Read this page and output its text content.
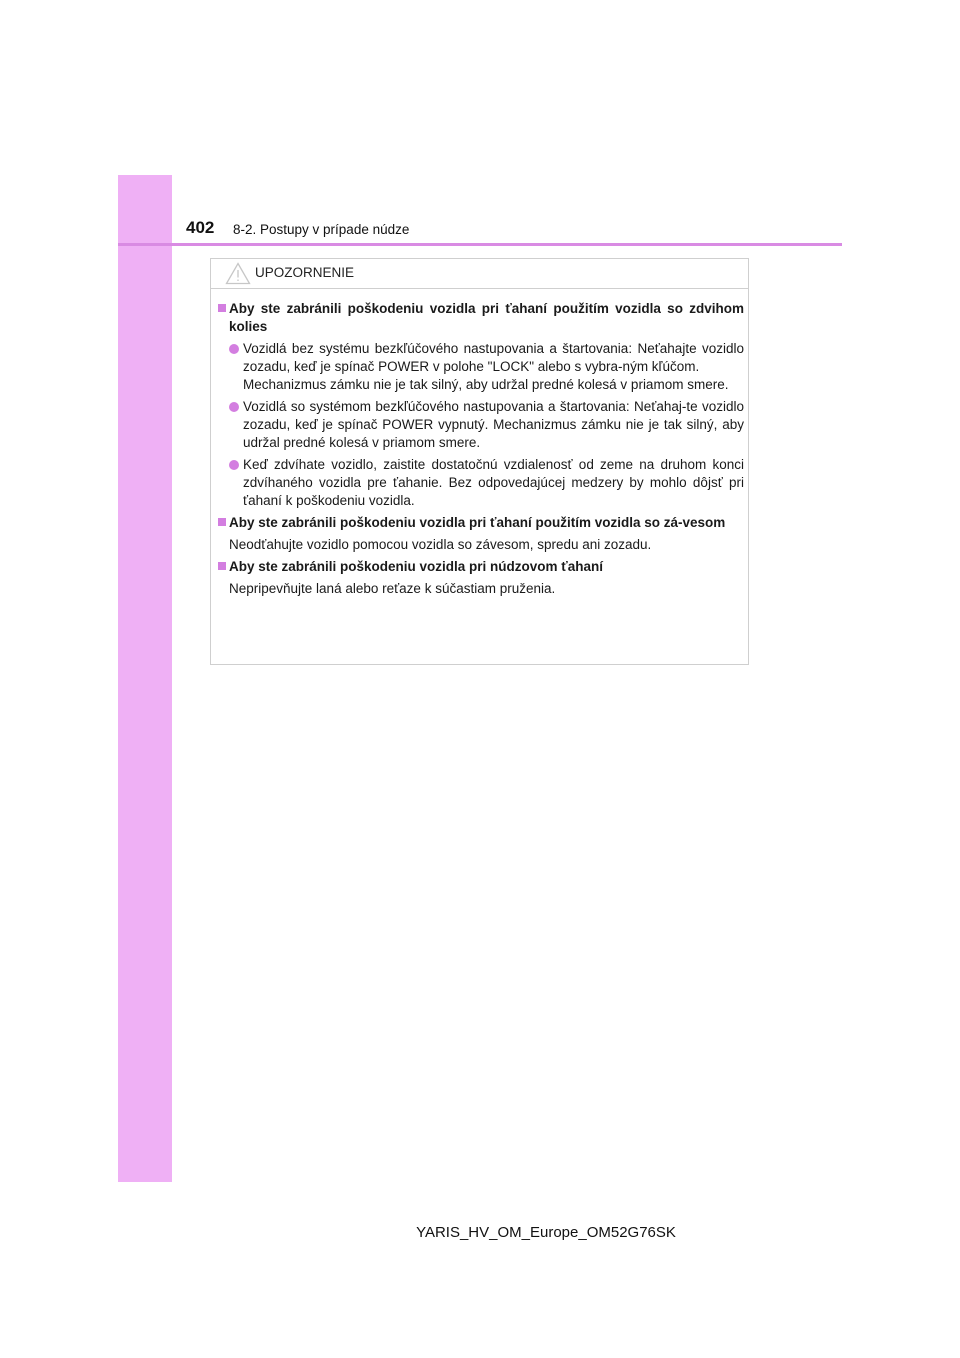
402 8-2. Postupy v prípade núdze
UPOZORNENIE
Aby ste zabránili poškodeniu vozidla pri ťahaní použitím vozidla so zdvihom kolies
Vozidlá bez systému bezkľúčového nastupovania a štartovania: Neťahajte vozidlo zozadu, keď je spínač POWER v polohe "LOCK" alebo s vybra-ným kľúčom.
Mechanizmus zámku nie je tak silný, aby udržal predné kolesá v priamom smere.
Vozidlá so systémom bezkľúčového nastupovania a štartovania: Neťahaj-te vozidlo zozadu, keď je spínač POWER vypnutý. Mechanizmus zámku nie je tak silný, aby udržal predné kolesá v priamom smere.
Keď zdvíhate vozidlo, zaistite dostatočnú vzdialenosť od zeme na druhom konci zdvíhaného vozidla pre ťahanie. Bez odpovedajúcej medzery by mohlo dôjsť pri ťahaní k poškodeniu vozidla.
Aby ste zabránili poškodeniu vozidla pri ťahaní použitím vozidla so zá-vesom
Neodťahujte vozidlo pomocou vozidla so závesom, spredu ani zozadu.
Aby ste zabránili poškodeniu vozidla pri núdzovom ťahaní
Nepripevňujte laná alebo reťaze k súčastiam pruženia.
YARIS_HV_OM_Europe_OM52G76SK
